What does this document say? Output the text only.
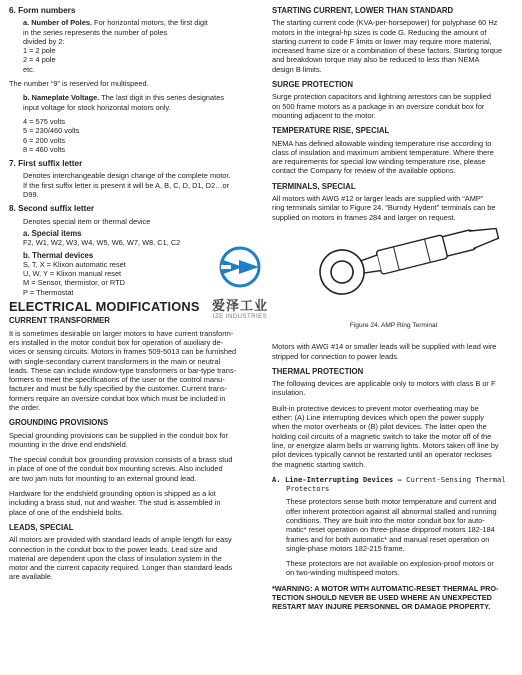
6. Form numbers
a. Number of Poles. For horizontal motors, the first digit
in the series represents the number of poles
divided by 2:
1 = 2 pole
2 = 4 pole
etc.
The number “9” is reserved for multispeed.
b. Nameplate Voltage. The last digit in this series designates
input voltage for stock horizontal motors only.
4 = 575 volts
5 = 230/460 volts
6 = 200 volts
8 = 460 volts
7. First suffix letter
Denotes interchangeable design change of the complete motor.
If the first suffix letter is present it will be A, B, C, D, D1, D2…or
D99.
8. Second suffix letter
Denotes special item or thermal device
a. Special items
F2, W1, W2, W3, W4, W5, W6, W7, W8, C1, C2
b. Thermal devices
S, T, X = Klixon automatic reset
U, W, Y = Klixon manual reset
M = Sensor, thermistor, or RTD
P = Thermostat
ELECTRICAL MODIFICATIONS
CURRENT TRANSFORMER
It is sometimes desirable on larger motors to have current transform-
ers installed in the motor conduit box for operation of auxiliary de-
vices or sensing circuits. Motors in frames 509-5013 can be furnished
with single-secondary current transformers in the main or neutral
leads. These can include window-type transformers or bar-type trans-
formers to meet the specifications of the user or the control manu-
facturer and must be fully specified by the customer. Current trans-
formers require an oversize conduit box which must be included in
the order.
GROUNDING PROVISIONS
Special grounding provisions can be supplied in the conduit box for
mounting in the drive end endshield.
The special conduit box grounding provision consists of a brass stud
in place of one of the conduit box mounting screws. Also included
are two jam nuts for mounting to an external ground lead.
Hardware for the endshield grounding option is shipped as a kit
including a brass stud, nut and washer. The stud is assembled in
place of one of the endshield bolts.
LEADS, SPECIAL
All motors are provided with standard leads of ample length for easy
connection in the conduit box to the power leads. Lead size and
material are dependent upon the class of insulation system in the
motor and the current capacity required. Longer than standard leads
are available.
爱泽工业
IZE INDUSTRIES
STARTING CURRENT, LOWER THAN STANDARD
The starting current code (KVA-per-horsepower) for polyphase 60 Hz
motors in the integral-hp sizes is code G. Reducing the amount of
starting current to code F limits or lower may require more material,
increased frame size or a combination of these factors. Starting torque
and breakdown torque may also be reduced to less than NEMA
design B limits.
SURGE PROTECTION
Surge protection capacitors and lightning arrestors can be supplied
on 500 frame motors as a package in an oversize conduit box for
mounting adjacent to the motor.
TEMPERATURE RISE, SPECIAL
NEMA has defined allowable winding temperature rise according to
class of insulation and maximum ambient temperature. Where there
are requirements for special low winding temperature rise, please
contact the Company for review of the available options.
TERMINALS, SPECIAL
All motors with AWG #12 or larger leads are supplied with “AMP”
ring terminals similar to Figure 24. “Burndy Hydent” terminals can be
supplied on motors in frames 284 and larger on request.
Figure 24. AMP Ring Terminal
Motors with AWG #14 or smaller leads will be supplied with lead wire
stripped for connection to power leads.
THERMAL PROTECTION
The following devices are applicable only to motors with class B or F
insulation.
Built-in protective devices to prevent motor overheating may be
either: (A) Line interrupting devices which open the power supply
when the motor overheats or (B) pilot devices. The latter open the
holding coil circuits of a magnetic switch to take the motor off of the
line, or energize alarm bells or warning lights. Motors taken off line by
pilot devices typically cannot be restarted until an operator recloses
the magnetic starting switch.
A. Line-Interrupting Devices – Current-Sensing Thermal
Protectors
These protectors sense both motor temperature and current and
offer inherent protection against all abnormal stalled and running
conditions. They are built into the motor conduit box for auto-
matic* reset operation on three-phase dripproof motors 182-184
frames and for both automatic* and manual reset operation on
single-phase motors 182-215 frame.
These protectors are not available on explosion-proof motors or
on two-winding multispeed motors.
*WARNING: A MOTOR WITH AUTOMATIC-RESET THERMAL PRO-
TECTION SHOULD NEVER BE USED WHERE AN UNEXPECTED
RESTART MAY INJURE PERSONNEL OR DAMAGE PROPERTY.
